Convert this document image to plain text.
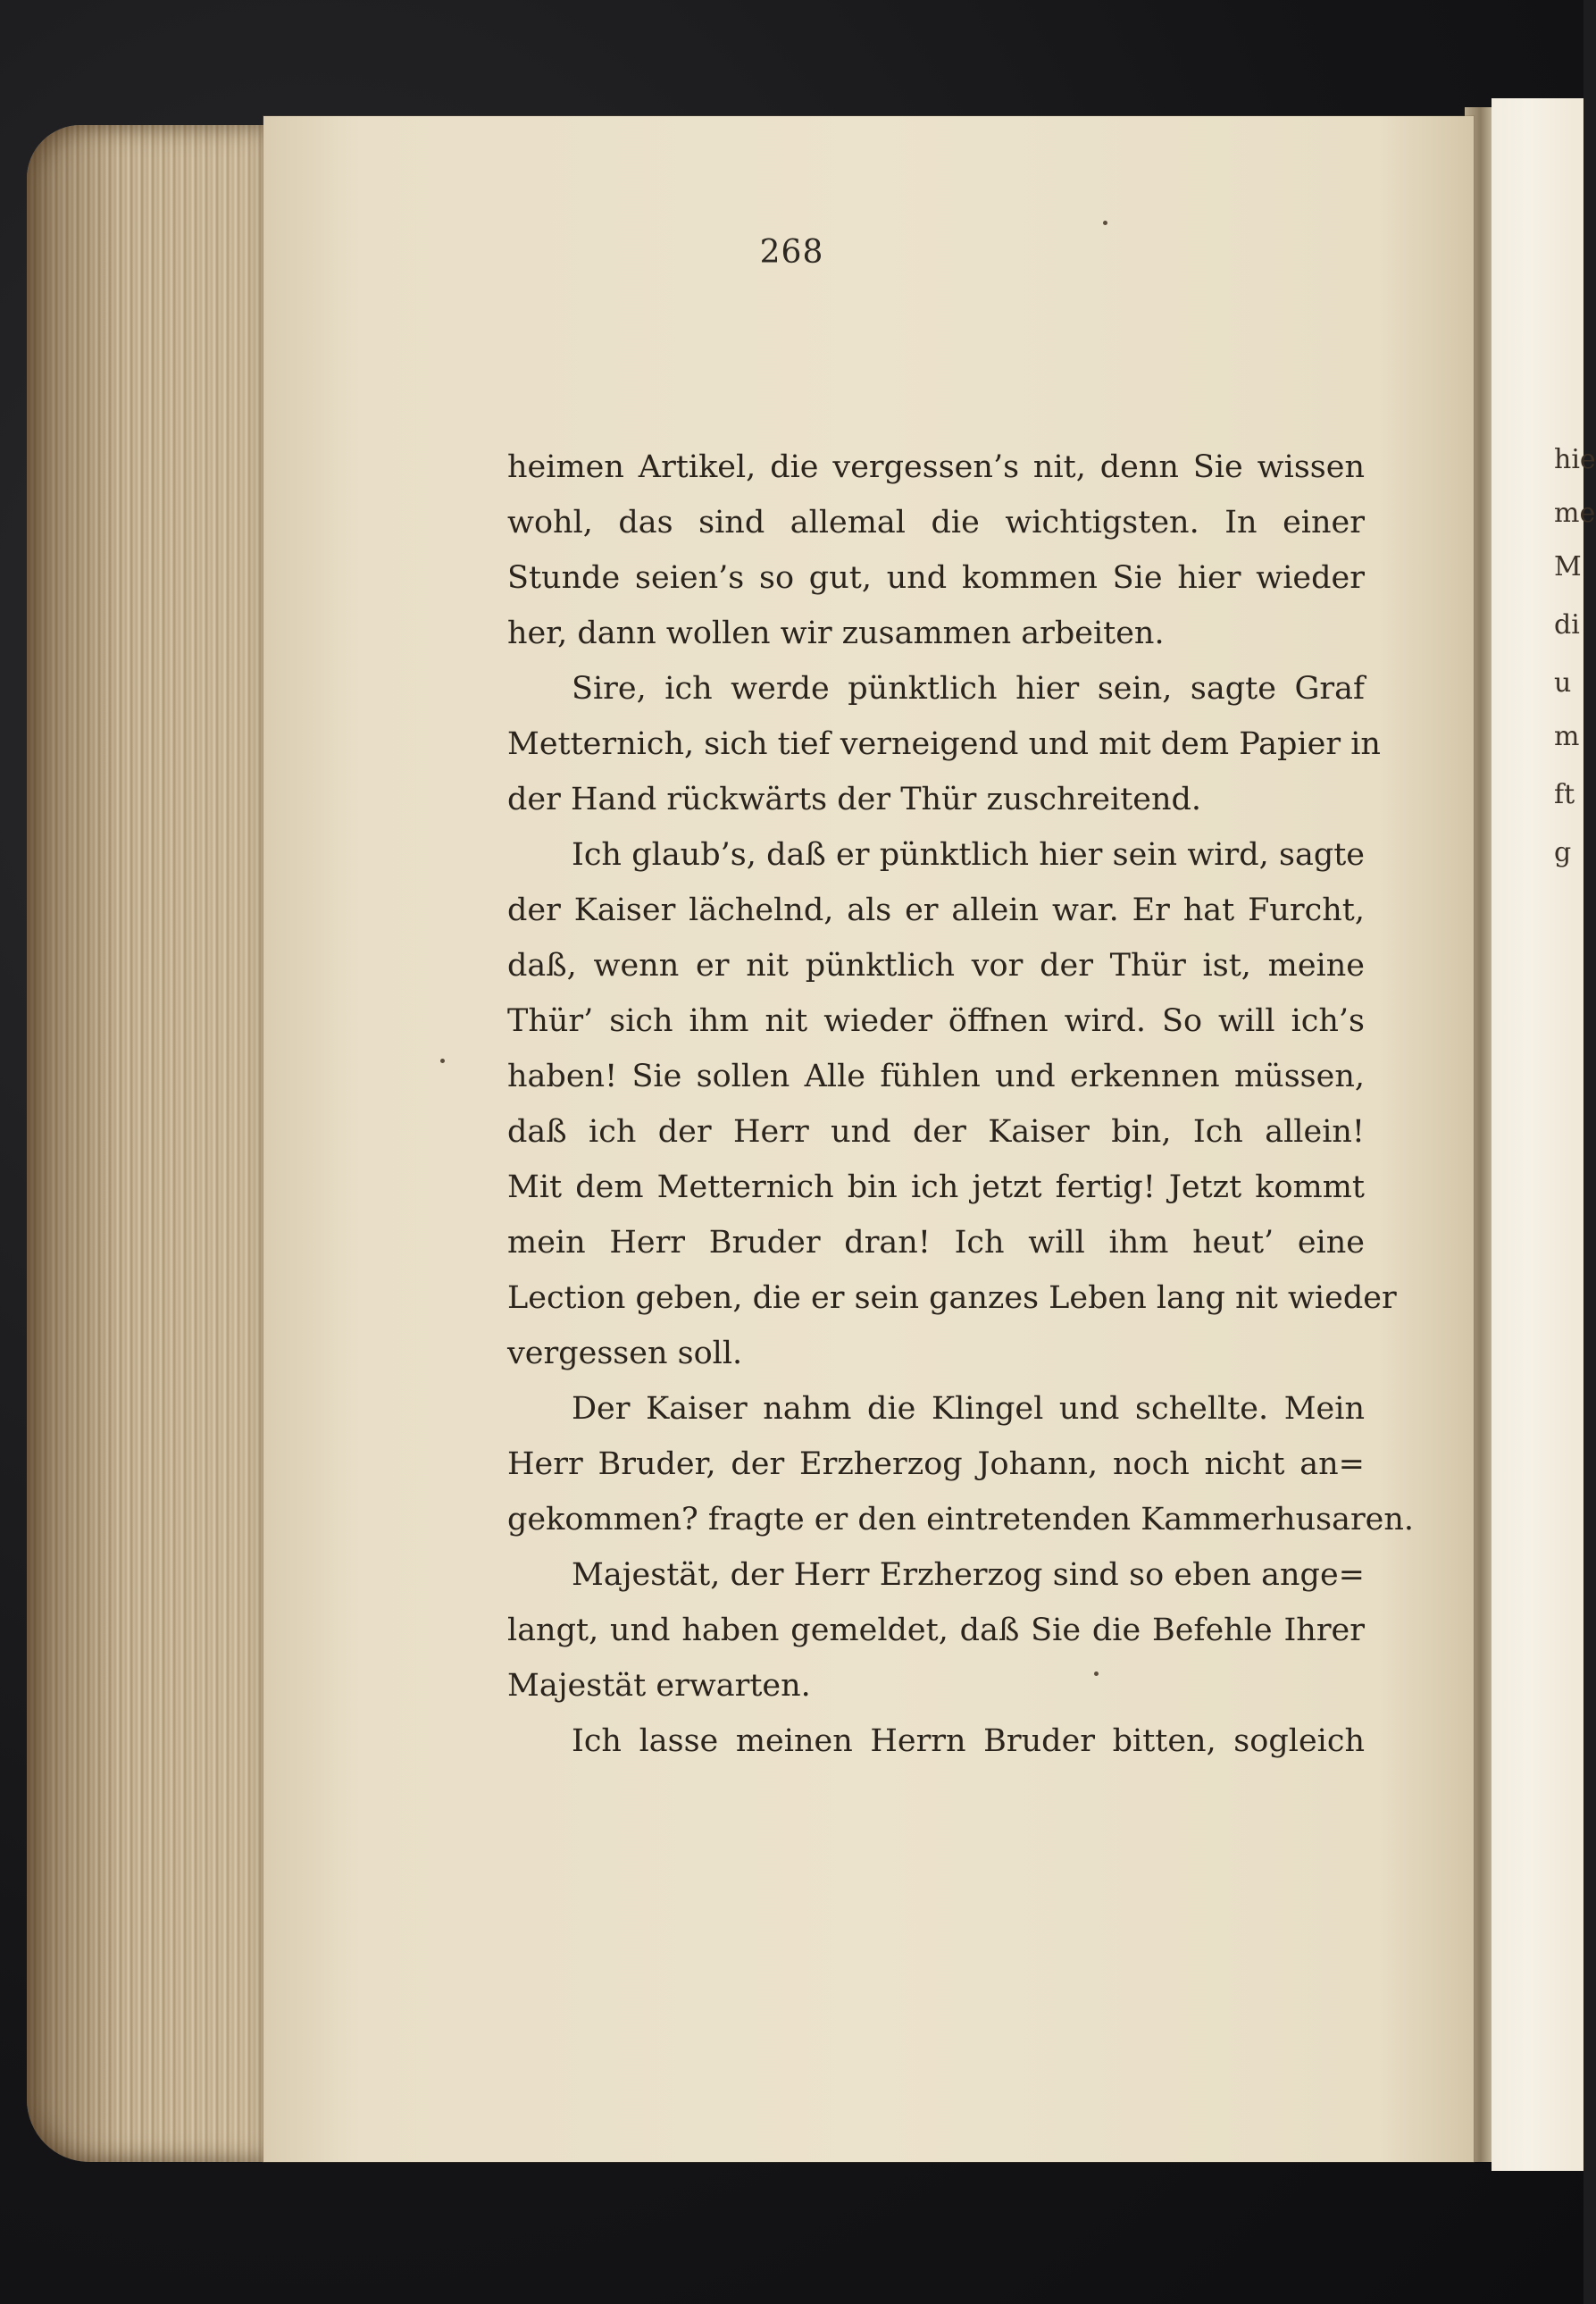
hie
me
M
di
u
m
ft
g
268
heimen Artikel, die vergessen’s nit, denn Sie wissen
wohl, das sind allemal die wichtigsten. In einer
Stunde seien’s so gut, und kommen Sie hier wieder
her, dann wollen wir zusammen arbeiten.
Sire, ich werde pünktlich hier sein, sagte Graf
Metternich, sich tief verneigend und mit dem Papier in
der Hand rückwärts der Thür zuschreitend.
Ich glaub’s, daß er pünktlich hier sein wird, sagte
der Kaiser lächelnd, als er allein war. Er hat Furcht,
daß, wenn er nit pünktlich vor der Thür ist, meine
Thür’ sich ihm nit wieder öffnen wird. So will ich’s
haben! Sie sollen Alle fühlen und erkennen müssen,
daß ich der Herr und der Kaiser bin, Ich allein!
Mit dem Metternich bin ich jetzt fertig! Jetzt kommt
mein Herr Bruder dran! Ich will ihm heut’ eine
Lection geben, die er sein ganzes Leben lang nit wieder
vergessen soll.
Der Kaiser nahm die Klingel und schellte. Mein
Herr Bruder, der Erzherzog Johann, noch nicht an=
gekommen? fragte er den eintretenden Kammerhusaren.
Majestät, der Herr Erzherzog sind so eben ange=
langt, und haben gemeldet, daß Sie die Befehle Ihrer
Majestät erwarten.
Ich lasse meinen Herrn Bruder bitten, sogleich
